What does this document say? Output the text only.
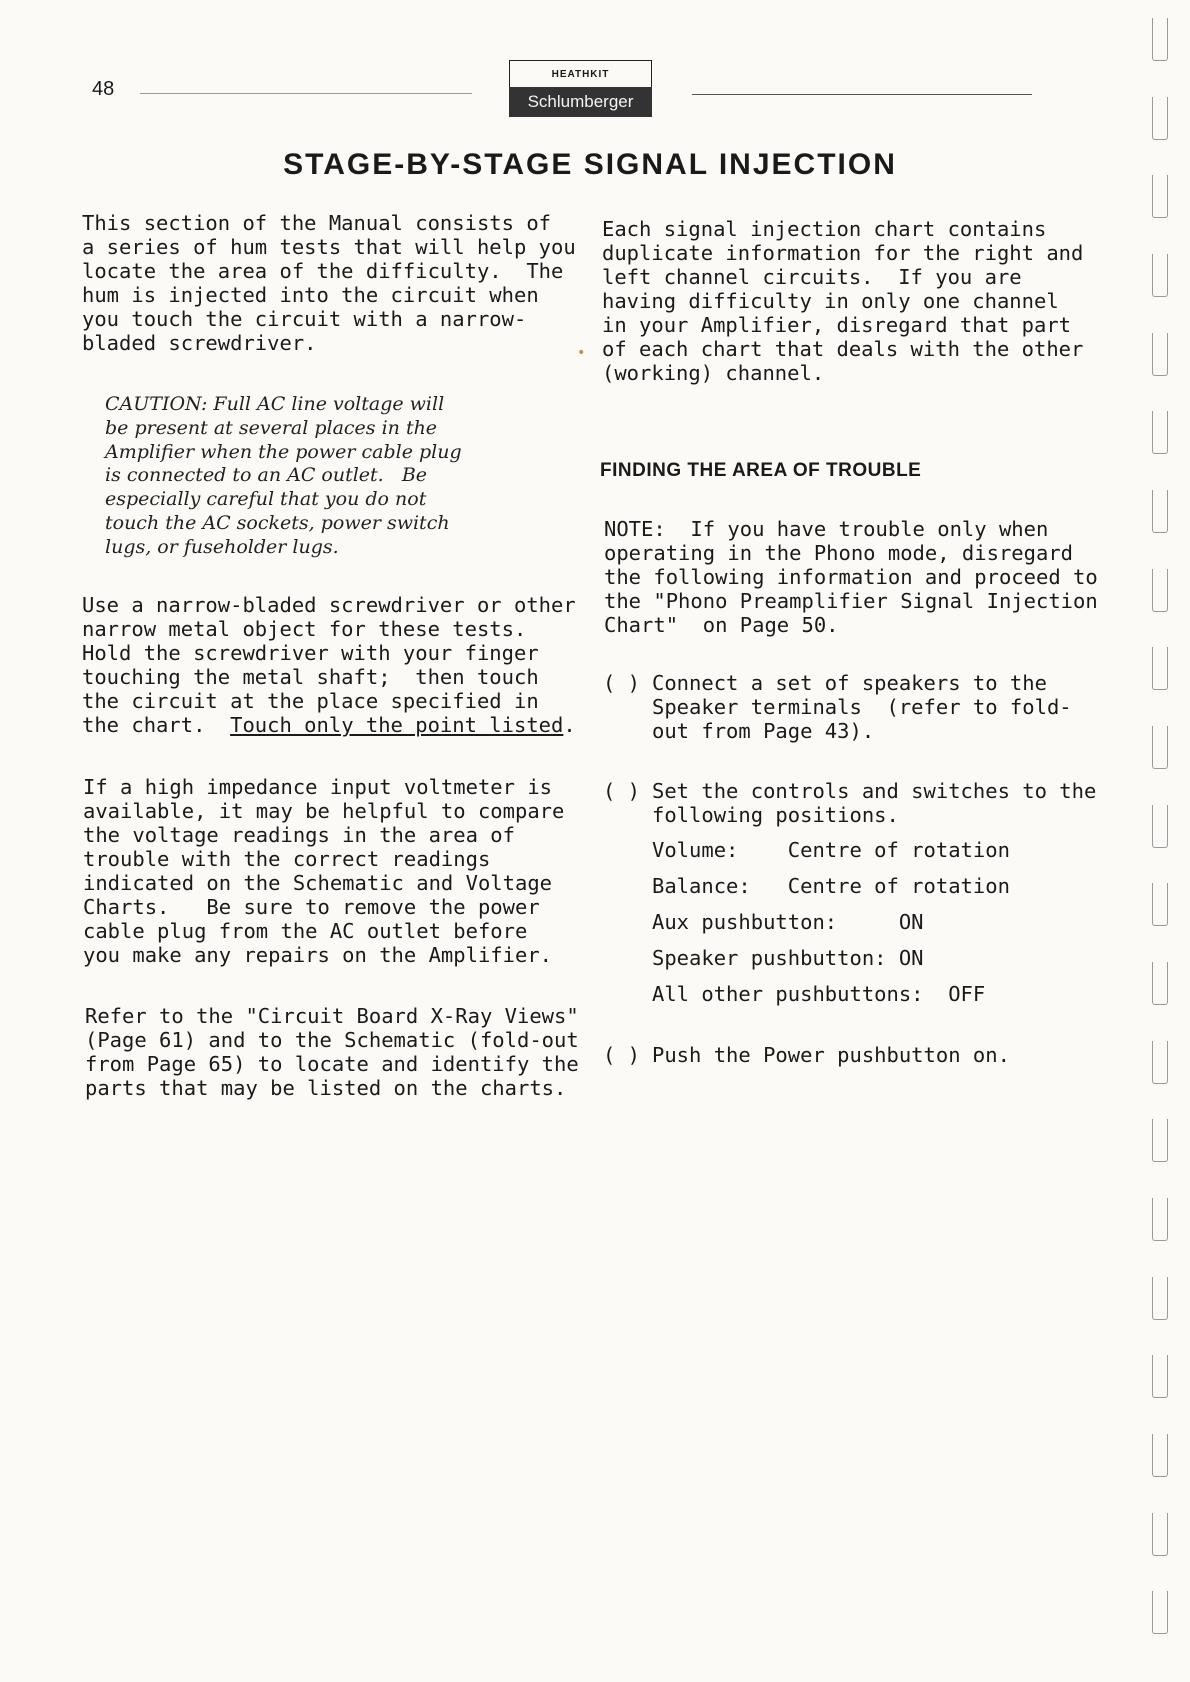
48
HEATHKIT
Schlumberger
STAGE-BY-STAGE SIGNAL INJECTION

This section of the Manual consists of
a series of hum tests that will help you
locate the area of the difficulty.  The
hum is injected into the circuit when
you touch the circuit with a narrow-
bladed screwdriver.

CAUTION: Full AC line voltage will
be present at several places in the
Amplifier when the power cable plug
is connected to an AC outlet.   Be
especially careful that you do not
touch the AC sockets, power switch
lugs, or fuseholder lugs.

Use a narrow-bladed screwdriver or other
narrow metal object for these tests.
Hold the screwdriver with your finger
touching the metal shaft;  then touch
the circuit at the place specified in
the chart.  Touch only the point listed.

If a high impedance input voltmeter is
available, it may be helpful to compare
the voltage readings in the area of
trouble with the correct readings
indicated on the Schematic and Voltage
Charts.   Be sure to remove the power
cable plug from the AC outlet before
you make any repairs on the Amplifier.

Refer to the "Circuit Board X-Ray Views"
(Page 61) and to the Schematic (fold-out
from Page 65) to locate and identify the
parts that may be listed on the charts.

Each signal injection chart contains
duplicate information for the right and
left channel circuits.  If you are
having difficulty in only one channel
in your Amplifier, disregard that part
of each chart that deals with the other
(working) channel.

•
FINDING THE AREA OF TROUBLE

NOTE:  If you have trouble only when
operating in the Phono mode, disregard
the following information and proceed to
the "Phono Preamplifier Signal Injection
Chart"  on Page 50.

( ) Connect a set of speakers to the
Speaker terminals  (refer to fold-
out from Page 43).
( ) Set the controls and switches to the
following positions.
Volume:    Centre of rotation
Balance:   Centre of rotation
Aux pushbutton:     ON
Speaker pushbutton: ON
All other pushbuttons:  OFF
( ) Push the Power pushbutton on.
